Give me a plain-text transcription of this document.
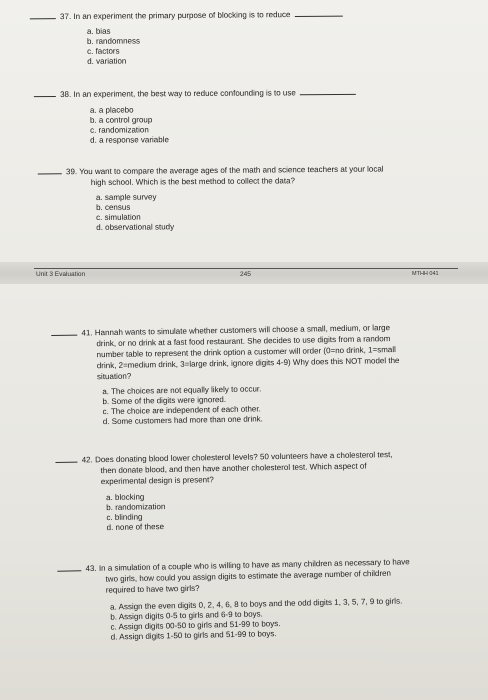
37. In an experiment the primary purpose of blocking is to reduce
a. bias
b. randomness
c. factors
d. variation
38. In an experiment, the best way to reduce confounding is to use
a. a placebo
b. a control group
c. randomization
d. a response variable
39. You want to compare the average ages of the math and science teachers at your local
high school. Which is the best method to collect the data?
a. sample survey
b. census
c. simulation
d. observational study
Unit 3 Evaluation	245	MTHH 041
41. Hannah wants to simulate whether customers will choose a small, medium, or large
drink, or no drink at a fast food restaurant. She decides to use digits from a random
number table to represent the drink option a customer will order (0=no drink, 1=small
drink, 2=medium drink, 3=large drink, ignore digits 4-9) Why does this NOT model the
situation?
a. The choices are not equally likely to occur.
b. Some of the digits were ignored.
c. The choice are independent of each other.
d. Some customers had more than one drink.
42. Does donating blood lower cholesterol levels? 50 volunteers have a cholesterol test,
then donate blood, and then have another cholesterol test. Which aspect of
experimental design is present?
a. blocking
b. randomization
c. blinding
d. none of these
43. In a simulation of a couple who is willing to have as many children as necessary to have
two girls, how could you assign digits to estimate the average number of children
required to have two girls?
a. Assign the even digits 0, 2, 4, 6, 8 to boys and the odd digits 1, 3, 5, 7, 9 to girls.
b. Assign digits 0-5 to girls and 6-9 to boys.
c. Assign digits 00-50 to girls and 51-99 to boys.
d. Assign digits 1-50 to girls and 51-99 to boys.
